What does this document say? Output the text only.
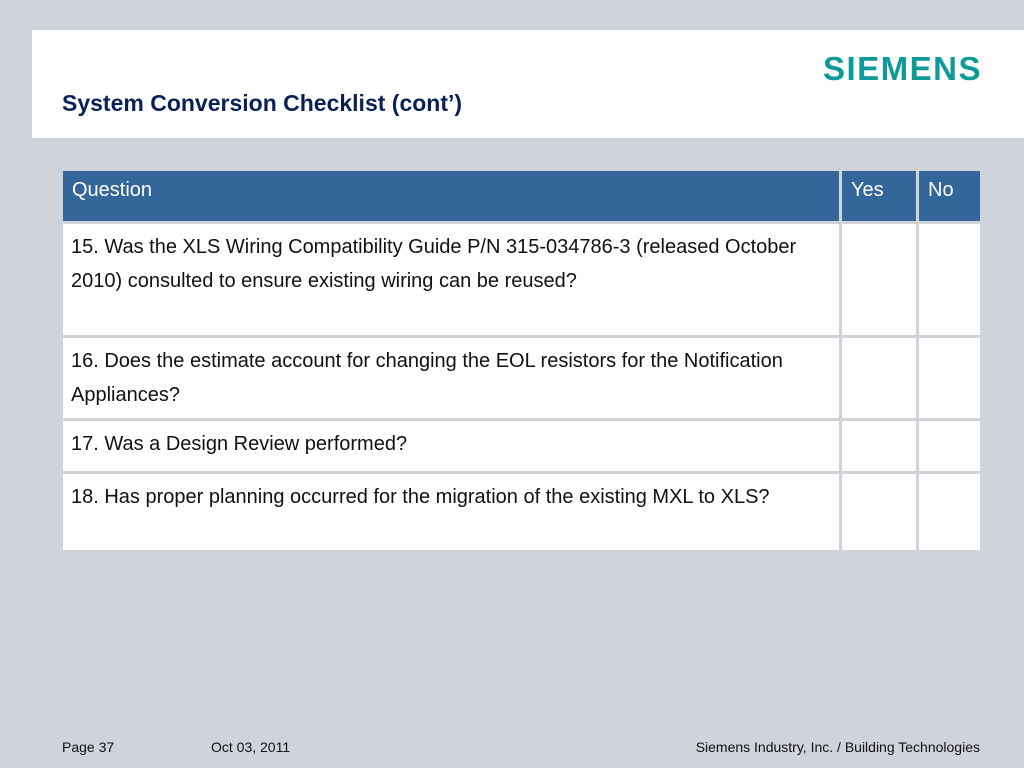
SIEMENS
System Conversion Checklist (cont’)
Question	Yes	No
15. Was the XLS Wiring Compatibility Guide P/N 315-034786-3 (released October 2010) consulted to ensure existing wiring can be reused?		
16. Does the estimate account for changing the EOL resistors for the Notification Appliances?		
17. Was a Design Review performed?		
18. Has proper planning occurred for the migration of the existing MXL to XLS?		
Page 37	Oct 03, 2011	Siemens Industry, Inc. / Building Technologies
